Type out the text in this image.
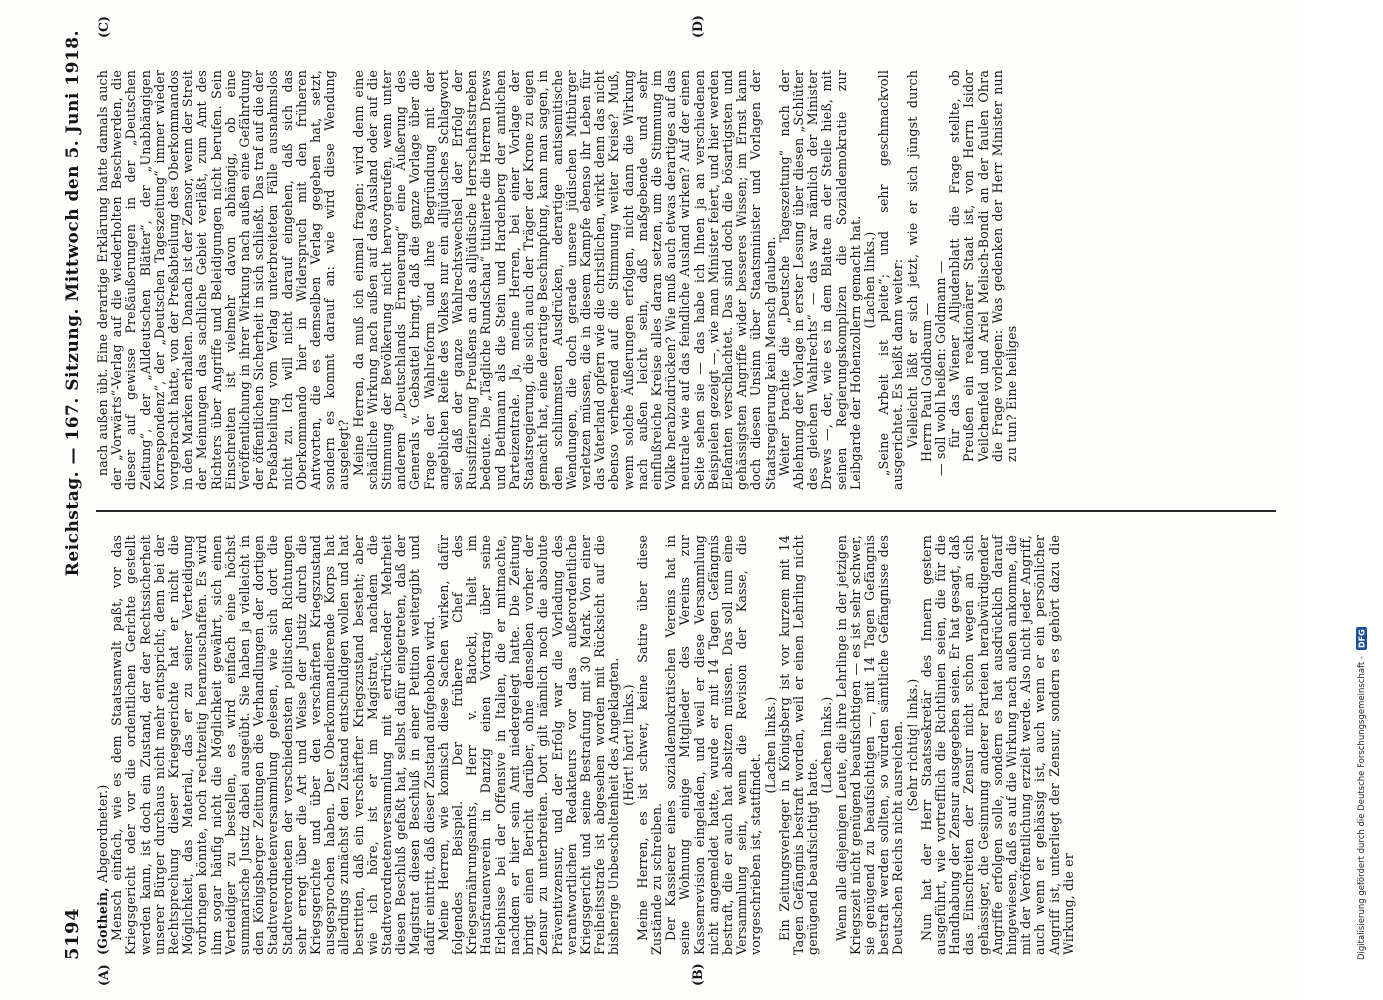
5194
Reichstag. — 167. Sitzung. Mittwoch den 5. Juni 1918.
(A)	(B)
(C)	(D)

(Gothein, Abgeordneter.) Mensch einfach, wie es dem Staatsanwalt paßt, vor das Kriegsgericht oder vor die ordentlichen Gerichte gestellt werden kann, ist doch ein Zustand, der der Rechtssicherheit unserer Bürger durchaus nicht mehr entspricht; denn bei der Rechtsprechung dieser Kriegsgerichte hat er nicht die Möglichkeit, das Material, das er zu seiner Verteidigung vorbringen könnte, noch rechtzeitig heranzuschaffen. Es wird ihm sogar häufig nicht die Möglichkeit gewährt, sich einen Verteidiger zu bestellen, es wird einfach eine höchst summarische Justiz dabei ausgeübt. Sie haben ja vielleicht in den Königsberger Zeitungen die Verhandlungen der dortigen Stadtverordnetenversammlung gelesen, wie sich dort die Stadtverordneten der verschiedensten politischen Richtungen sehr erregt über die Art und Weise der Justiz durch die Kriegsgerichte und über den verschärften Kriegszustand ausgesprochen haben. Der Oberkommandierende Korps hat allerdings zunächst den Zustand entschuldigen wollen und hat bestritten, daß ein verschärfter Kriegszustand besteht; aber wie ich höre, ist er im Magistrat, nachdem die Stadtverordnetenversammlung mit erdrückender Mehrheit diesen Beschluß gefaßt hat, selbst dafür eingetreten, daß der Magistrat diesen Beschluß in einer Petition weitergibt und dafür eintritt, daß dieser Zustand aufgehoben wird. Meine Herren, wie komisch diese Sachen wirken, dafür folgendes Beispiel. Der frühere Chef des Kriegsernährungsamts, Herr v. Batocki, hielt im Hausfrauenverein in Danzig einen Vortrag über seine Erlebnisse bei der Offensive in Italien, die er mitmachte, nachdem er hier sein Amt niedergelegt hatte. Die Zeitung bringt einen Bericht darüber, ohne denselben vorher der Zensur zu unterbreiten. Dort gilt nämlich noch die absolute Präventivzensur, und der Erfolg war die Vorladung des verantwortlichen Redakteurs vor das außerordentliche Kriegsgericht und seine Bestrafung mit 30 Mark. Von einer Freiheitsstrafe ist abgesehen worden mit Rücksicht auf die bisherige Unbescholtenheit des Angeklagten. (Hört! hört! links.) Meine Herren, es ist schwer, keine Satire über diese Zustände zu schreiben. Der Kassierer eines sozialdemokratischen Vereins hat in seine Wohnung einige Mitglieder des Vereins zur Kassenrevision eingeladen, und weil er diese Versammlung nicht angemeldet hatte, wurde er mit 14 Tagen Gefängnis bestraft, die er auch hat absitzen müssen. Das soll nun eine Versammlung sein, wenn die Revision der Kasse, die vorgeschrieben ist, stattfindet.

(Lachen links.) Ein Zeitungsverleger in Königsberg ist vor kurzem mit 14 Tagen Gefängnis bestraft worden, weil er einen Lehrling nicht genügend beaufsichtigt hatte.

(Lachen links.) Wenn alle diejenigen Leute, die ihre Lehrlinge in der jetzigen Kriegszeit nicht genügend beaufsichtigen — es ist sehr schwer, sie genügend zu beaufsichtigen —, mit 14 Tagen Gefängnis bestraft werden sollten, so würden sämtliche Gefängnisse des Deutschen Reichs nicht ausreichen. (Sehr richtig! links.) Nun hat der Herr Staatssekretär des Innern gestern ausgeführt, wie vortrefflich die Richtlinien seien, die für die Handhabung der Zensur ausgegeben seien. Er hat gesagt, daß das Einschreiten der Zensur nicht schon wegen an sich gehässiger, die Gesinnung anderer Parteien herabwürdigender Angriffe erfolgen solle, sondern es hat ausdrücklich darauf hingewiesen, daß es auf die Wirkung nach außen ankomme, die mit der Veröffentlichung erzielt werde. Also nicht jeder Angriff, auch wenn er gehässig ist, auch wenn er ein persönlicher Angriff ist, unterliegt der Zensur, sondern es gehört dazu die Wirkung, die er

nach außen übt. Eine derartige Erklärung hatte damals auch der „Vorwärts“-Verlag auf die wiederholten Beschwerden, die dieser auf gewisse Preßäußerungen in der „Deutschen Zeitung“, der „Alldeutschen Blätter“, der „Unabhängigen Korrespondenz“, der „Deutschen Tageszeitung“ immer wieder vorgebracht hatte, von der Preßabteilung des Oberkommandos in den Marken erhalten. Danach ist der Zensor, wenn der Streit der Meinungen das sachliche Gebiet verläßt, zum Amt des Richters über Angriffe und Beleidigungen nicht berufen. Sein Einschreiten ist vielmehr davon abhängig, ob eine Veröffentlichung in ihrer Wirkung nach außen eine Gefährdung der öffentlichen Sicherheit in sich schließt. Das traf auf die der Preßabteilung vom Verlag unterbreiteten Fälle ausnahmslos nicht zu. Ich will nicht darauf eingehen, daß sich das Oberkommando hier in Widerspruch mit den früheren Antworten, die es demselben Verlag gegeben hat, setzt, sondern es kommt darauf an: wie wird diese Wendung ausgelegt? Meine Herren, da muß ich einmal fragen: wird denn eine schädliche Wirkung nach außen auf das Ausland oder auf die Stimmung der Bevölkerung nicht hervorgerufen, wenn unter anderem „Deutschlands Erneuerung“ eine Äußerung des Generals v. Gebsattel bringt, daß die ganze Vorlage über die Frage der Wahlreform und ihre Begründung mit der angeblichen Reife des Volkes nur ein alljüdisches Schlagwort sei, daß der ganze Wahlrechtswechsel der Erfolg der Russifizierung Preußens an das alljüdische Herrschaftsstreben bedeute. Die „Tägliche Rundschau“ titulierte die Herren Drews und Bethmann als die Stein und Hardenberg der amtlichen Parteizentrale. Ja, meine Herren, bei einer Vorlage der Staatsregierung, die sich auch der Träger der Krone zu eigen gemacht hat, eine derartige Beschimpfung, kann man sagen, in den schlimmsten Ausdrücken, derartige antisemitische Wendungen, die doch gerade unsere jüdischen Mitbürger verletzen müssen, die in diesem Kampfe ebenso ihr Leben für das Vaterland opfern wie die christlichen, wirkt denn das nicht ebenso verheerend auf die Stimmung weiter Kreise? Muß, wenn solche Äußerungen erfolgen, nicht dann die Wirkung nach außen leicht sein, daß maßgebende und sehr einflußreiche Kreise alles daran setzen, um die Stimmung im Volke herabzudrücken? Wie muß auch etwas derartiges auf das neutrale wie auf das feindliche Ausland wirken? Auf der einen Seite sehen sie — das habe ich Ihnen ja an verschiedenen Beispielen gezeigt —, wie man Minister feiert, und hier werden Elefanten verschlachtet. Das sind doch die bösartigsten und gehässigsten Angriffe wider besseres Wissen; im Ernst kann doch diesen Unsinn über Staatsminister und Vorlagen der Staatsregierung kein Mensch glauben. Weiter brachte die „Deutsche Tageszeitung“ nach der Ablehnung der Vorlage in erster Lesung über diesen „Schlüter des gleichen Wahlrechts“ — das war nämlich der Minister Drews —, der, wie es in dem Blatte an der Stelle hieß, mit seinen Regierungskomplizen die Sozialdemokratie zur Leibgarde der Hohenzollern gemacht hat. (Lachen links.) „Seine Arbeit ist pleite“; und sehr geschmackvoll ausgerichtet. Es heißt dann weiter: Vielleicht läßt er sich jetzt, wie er sich jüngst durch Herrn Paul Goldbaum — — soll wohl heißen: Goldmann — für das Wiener Alljudenblatt die Frage stellte, ob Preußen ein reaktionärer Staat ist, von Herrn Isidor Veilchenfeld und Ariel Melisch-Bondi an der faulen Ohra die Frage vorlegen: Was gedenken der Herr Minister nun zu tun? Eine heiliges

Digitalisierung gefördert durch die Deutsche Forschungsgemeinschaft -
DFG
